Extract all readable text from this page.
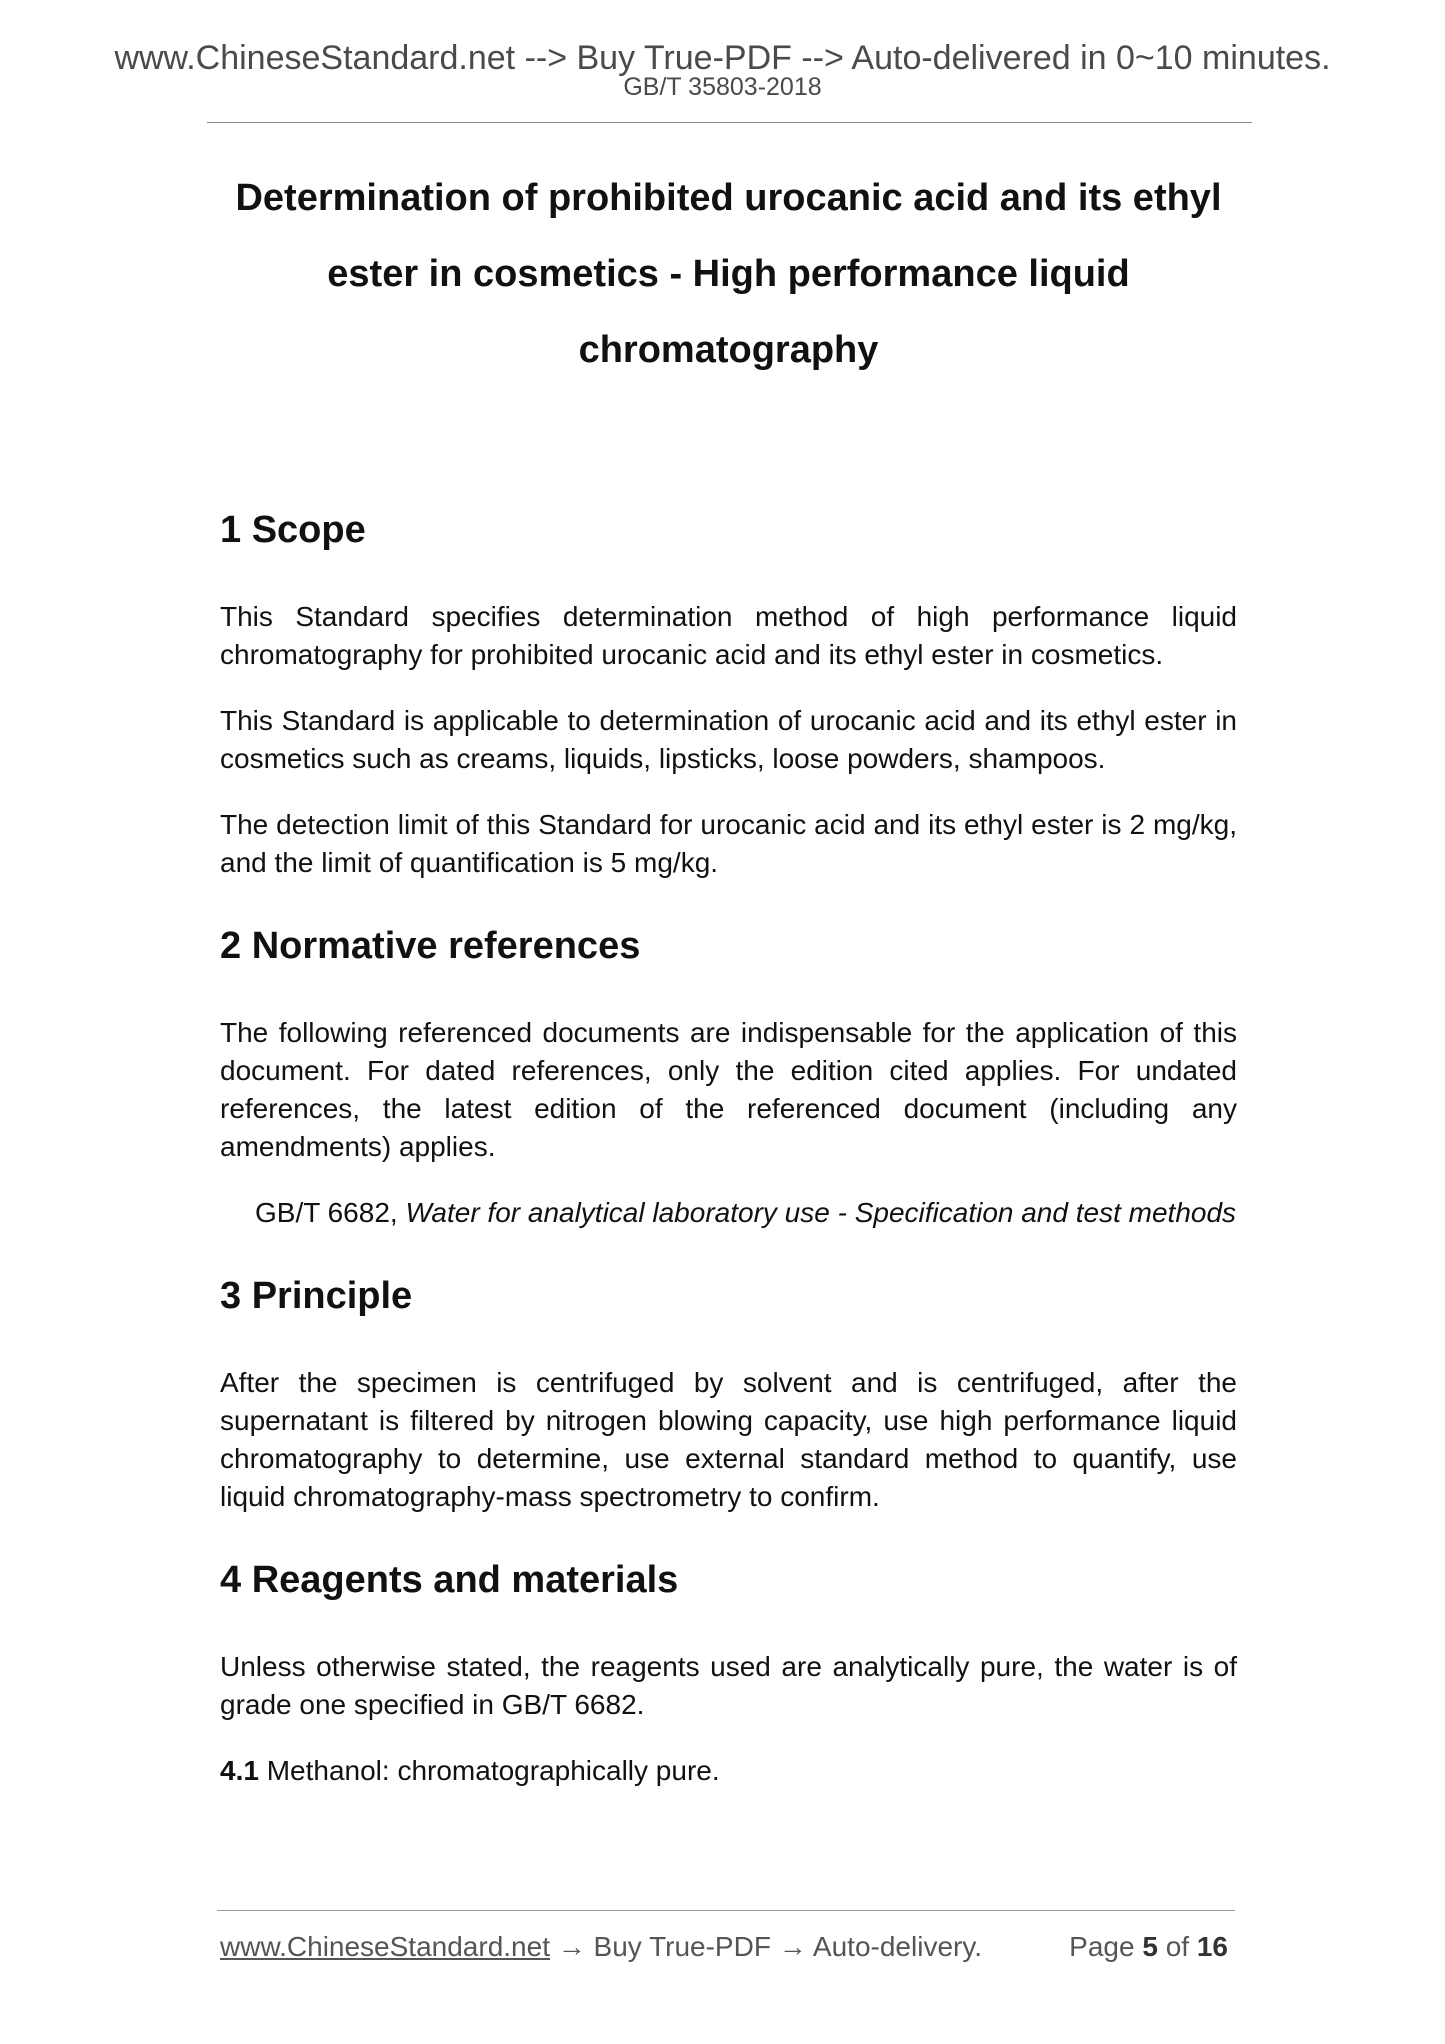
www.ChineseStandard.net --> Buy True-PDF --> Auto-delivered in 0~10 minutes.
GB/T 35803-2018
Determination of prohibited urocanic acid and its ethyl
ester in cosmetics - High performance liquid
chromatography
1 Scope

This Standard specifies determination method of high performance liquid chromatography for prohibited urocanic acid and its ethyl ester in cosmetics.

This Standard is applicable to determination of urocanic acid and its ethyl ester in cosmetics such as creams, liquids, lipsticks, loose powders, shampoos.

The detection limit of this Standard for urocanic acid and its ethyl ester is 2 mg/kg, and the limit of quantification is 5 mg/kg.

2 Normative references

The following referenced documents are indispensable for the application of this document. For dated references, only the edition cited applies. For undated references, the latest edition of the referenced document (including any amendments) applies.

GB/T 6682, Water for analytical laboratory use - Specification and test methods

3 Principle

After the specimen is centrifuged by solvent and is centrifuged, after the supernatant is filtered by nitrogen blowing capacity, use high performance liquid chromatography to determine, use external standard method to quantify, use liquid chromatography-mass spectrometry to confirm.

4 Reagents and materials

Unless otherwise stated, the reagents used are analytically pure, the water is of grade one specified in GB/T 6682.

4.1 Methanol: chromatographically pure.

www.ChineseStandard.net → Buy True-PDF → Auto-delivery.	Page 5 of 16
